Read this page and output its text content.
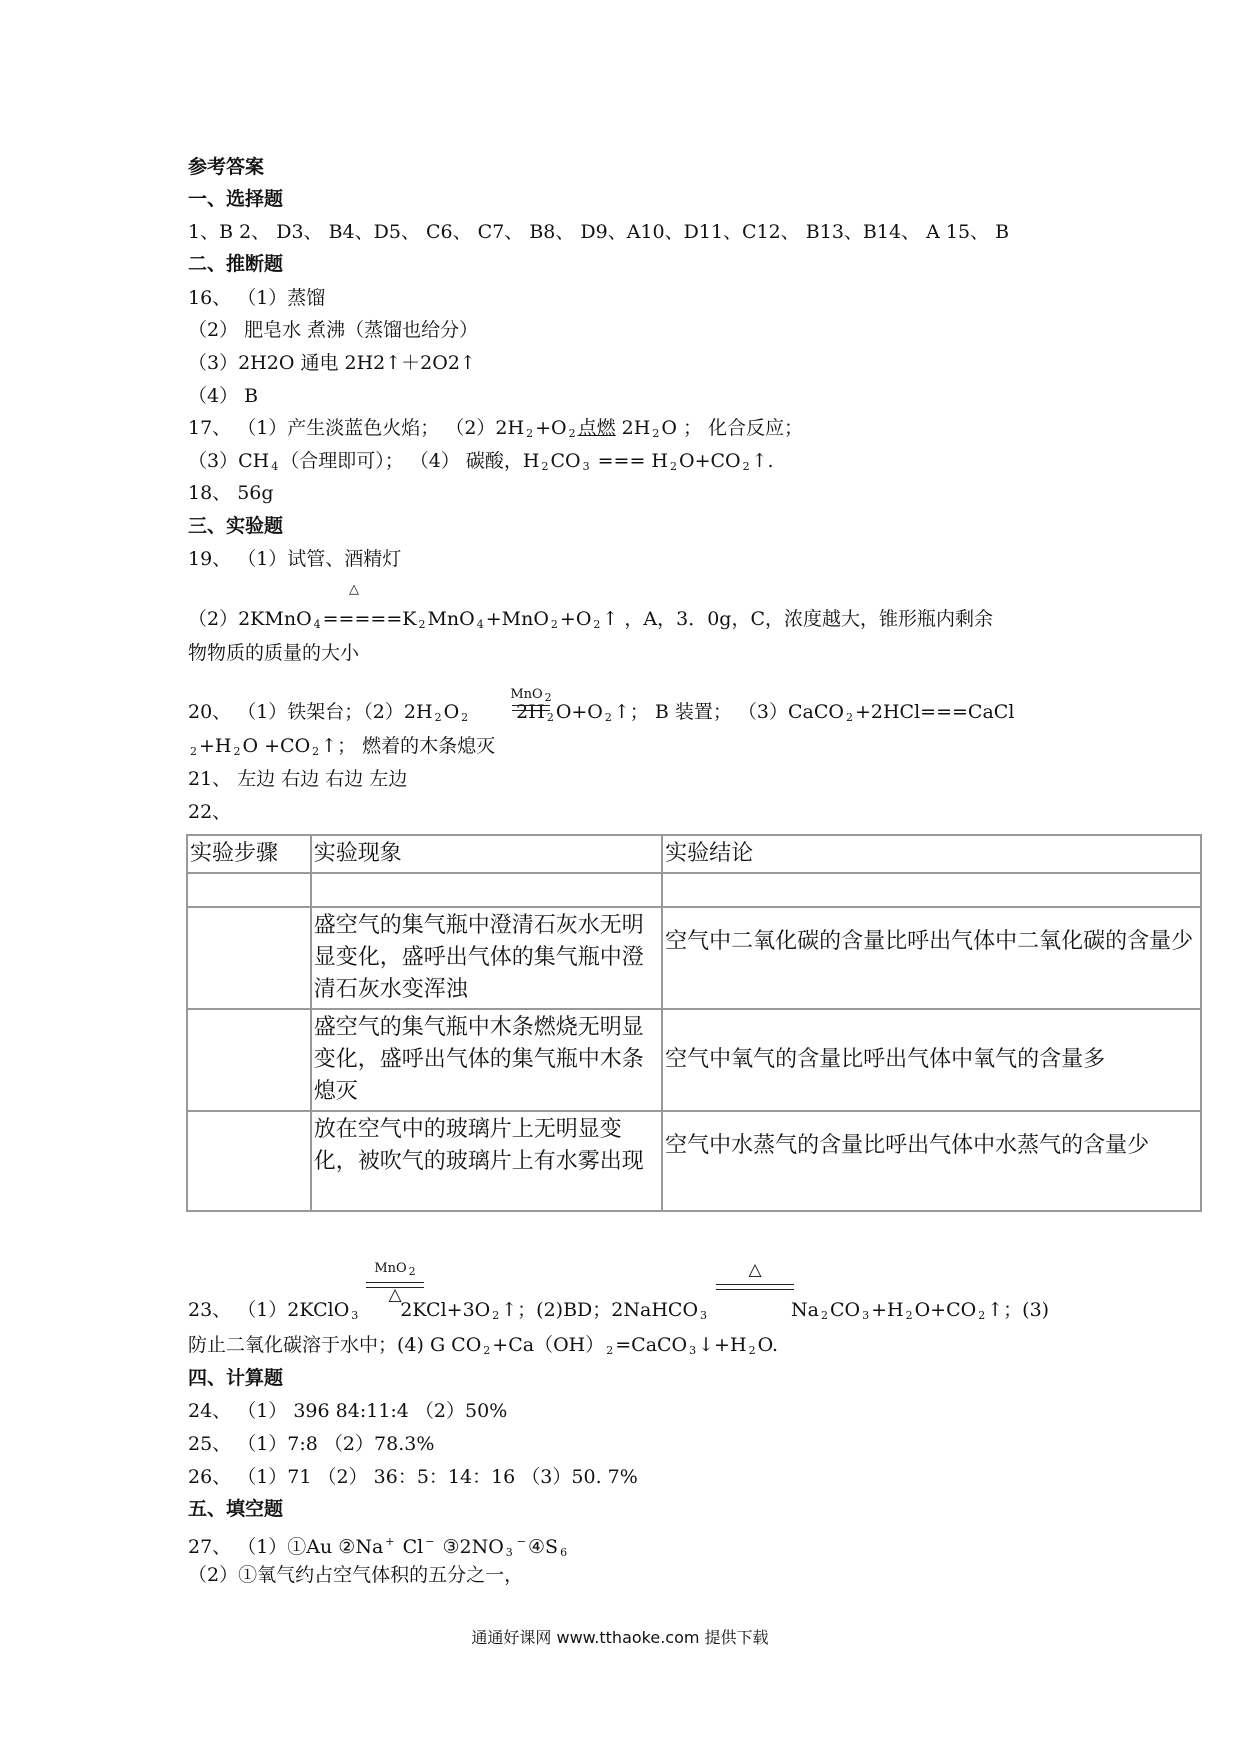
参考答案
一、选择题
1、B 2、 D3、 B4、D5、 C6、 C7、 B8、 D9、A10、D11、C12、 B13、B14、 A 15、 B
二、推断题
16、 （1）蒸馏
（2） 肥皂水 煮沸（蒸馏也给分）
（3）2H2O 通电 2H2↑＋2O2↑
（4） B
17、 （1）产生淡蓝色火焰； （2）2H $_2$ +O $_2$ 点燃 2H $_2$ O ； 化合反应；
（3）CH $_4$ （合理即可）； （4） 碳酸，H $_2$ CO $_3$ === H $_2$ O+CO $_2$ ↑.
18、 56g
三、实验题
19、 （1）试管、酒精灯
△
（2）2KMnO $_4$ =====K $_2$ MnO $_4$ +MnO $_2$ +O $_2$ ↑ ，A，3．0g，C，浓度越大，锥形瓶内剩余
物物质的质量的大小
MnO $_2$
20、 （1）铁架台；（2）2H $_2$ O $_2$	2H $_2$ O+O $_2$ ↑； B 装置； （3）CaCO $_2$ +2HCl===CaCl
$_2$ +H $_2$ O +CO $_2$ ↑； 燃着的木条熄灭
21、 左边 右边 右边 左边
22、
实验步骤	实验现象	实验结论

	盛空气的集气瓶中澄清石灰水无明显变化，盛呼出气体的集气瓶中澄清石灰水变浑浊	空气中二氧化碳的含量比呼出气体中二氧化碳的含量少
	盛空气的集气瓶中木条燃烧无明显变化，盛呼出气体的集气瓶中木条熄灭	空气中氧气的含量比呼出气体中氧气的含量多
	放在空气中的玻璃片上无明显变化，被吹气的玻璃片上有水雾出现	空气中水蒸气的含量比呼出气体中水蒸气的含量少
MnO $_2$
△
△
23、 （1）2KClO $_3$ 2KCl+3O $_2$ ↑；(2)BD；2NaHCO $_3$	Na $_2$ CO $_3$ +H $_2$ O+CO $_2$ ↑；(3)
防止二氧化碳溶于水中；(4) G CO $_2$ +Ca（OH） $_2$ =CaCO $_3$ ↓+H $_2$ O.
四、计算题
24、 （1） 396 84:11:4 （2）50%
25、 （1）7:8 （2）78.3%
26、 （1）71 （2） 36：5：14：16 （3）50. 7%
五、填空题
27、 （1）①Au ②Na + Cl − ③2NO $_3$− ④S $_6$
（2）①氧气约占空气体积的五分之一，
通通好课网 www.tthaoke.com 提供下载
